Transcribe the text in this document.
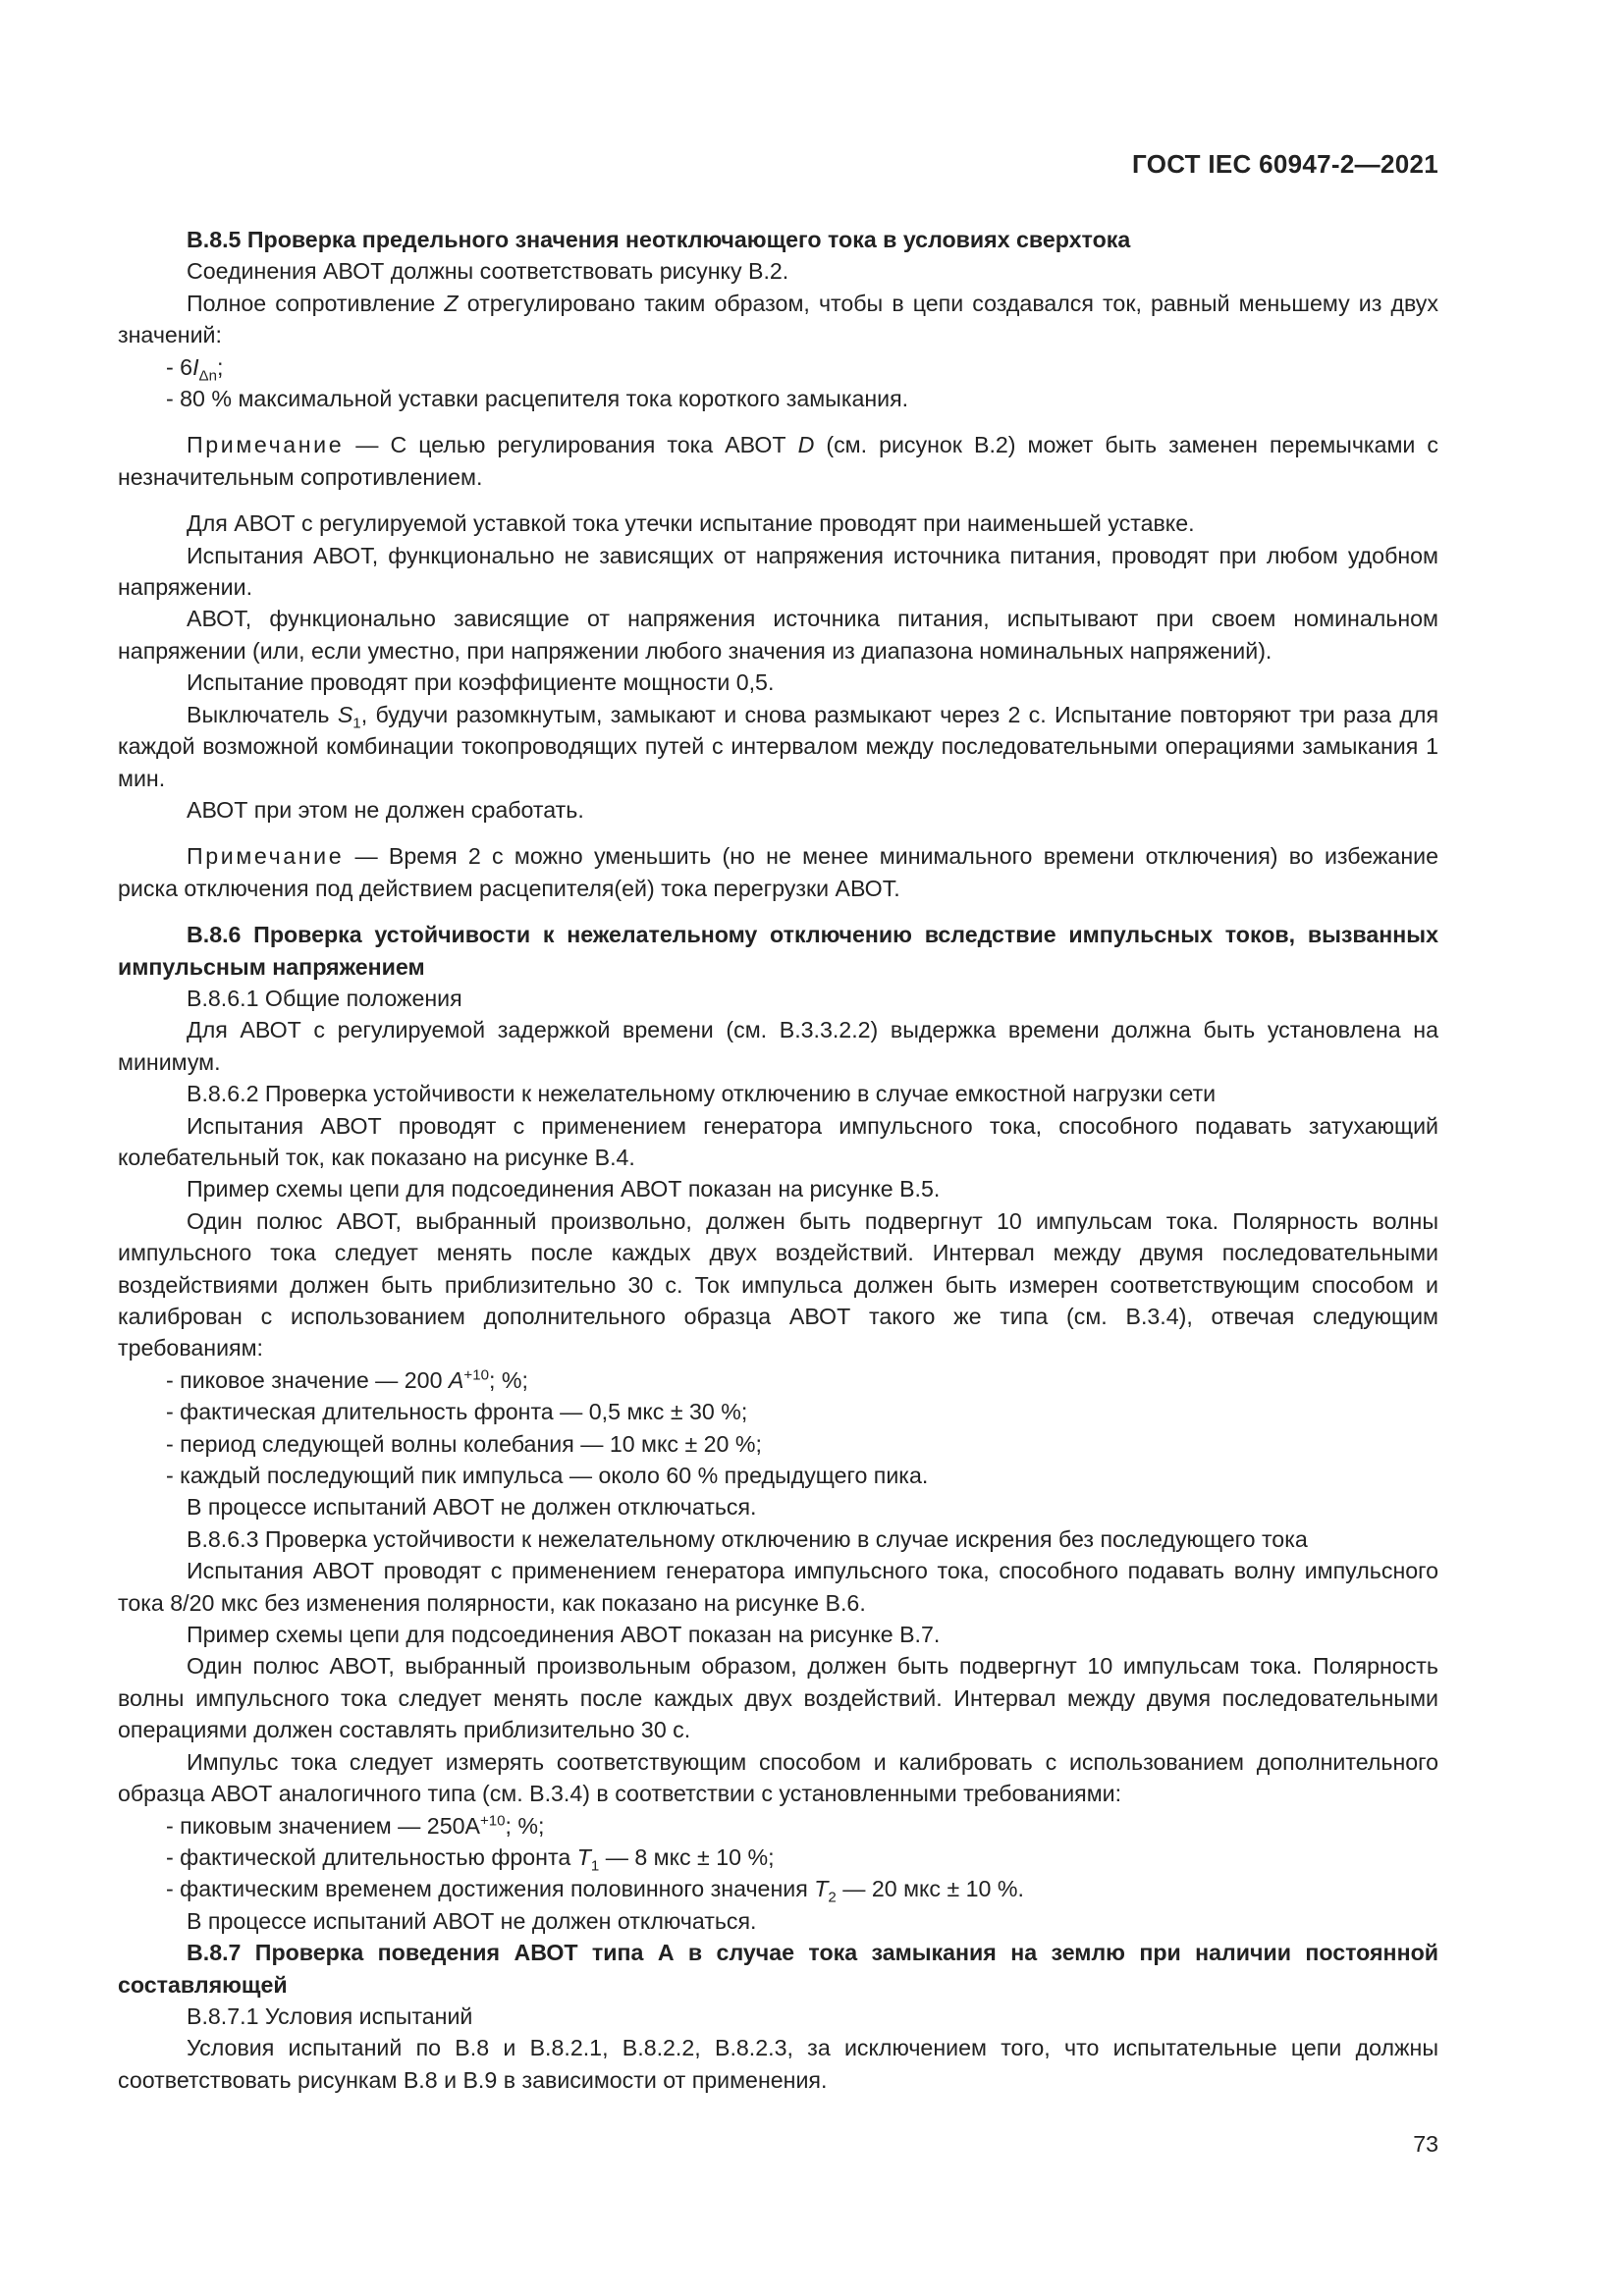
ГОСТ IEC 60947-2—2021

B.8.5 Проверка предельного значения неотключающего тока в условиях сверхтока

Соединения АВОТ должны соответствовать рисунку В.2.

Полное сопротивление Z отрегулировано таким образом, чтобы в цепи создавался ток, равный меньшему из двух значений:

- $6I_{\Delta n}$;

- 80 % максимальной уставки расцепителя тока короткого замыкания.

Примечание — С целью регулирования тока АВОТ D (см. рисунок В.2) может быть заменен перемычками с незначительным сопротивлением.

Для АВОТ с регулируемой уставкой тока утечки испытание проводят при наименьшей уставке.

Испытания АВОТ, функционально не зависящих от напряжения источника питания, проводят при любом удобном напряжении.

АВОТ, функционально зависящие от напряжения источника питания, испытывают при своем номинальном напряжении (или, если уместно, при напряжении любого значения из диапазона номинальных напряжений).

Испытание проводят при коэффициенте мощности 0,5.

Выключатель $S_1$, будучи разомкнутым, замыкают и снова размыкают через 2 с. Испытание повторяют три раза для каждой возможной комбинации токопроводящих путей с интервалом между последовательными операциями замыкания 1 мин.

АВОТ при этом не должен сработать.

Примечание — Время 2 с можно уменьшить (но не менее минимального времени отключения) во избежание риска отключения под действием расцепителя(ей) тока перегрузки АВОТ.

B.8.6 Проверка устойчивости к нежелательному отключению вследствие импульсных токов, вызванных импульсным напряжением

B.8.6.1 Общие положения

Для АВОТ с регулируемой задержкой времени (см. В.3.3.2.2) выдержка времени должна быть установлена на минимум.

B.8.6.2 Проверка устойчивости к нежелательному отключению в случае емкостной нагрузки сети

Испытания АВОТ проводят с применением генератора импульсного тока, способного подавать затухающий колебательный ток, как показано на рисунке В.4.

Пример схемы цепи для подсоединения АВОТ показан на рисунке В.5.

Один полюс АВОТ, выбранный произвольно, должен быть подвергнут 10 импульсам тока. Полярность волны импульсного тока следует менять после каждых двух воздействий. Интервал между двумя последовательными воздействиями должен быть приблизительно 30 с. Ток импульса должен быть измерен соответствующим способом и калиброван с использованием дополнительного образца АВОТ такого же типа (см. В.3.4), отвечая следующим требованиям:

- пиковое значение — 200 $A^{+10}$; %;

- фактическая длительность фронта — 0,5 мкс ± 30 %;

- период следующей волны колебания — 10 мкс ± 20 %;

- каждый последующий пик импульса — около 60 % предыдущего пика.

В процессе испытаний АВОТ не должен отключаться.

B.8.6.3 Проверка устойчивости к нежелательному отключению в случае искрения без последующего тока

Испытания АВОТ проводят с применением генератора импульсного тока, способного подавать волну импульсного тока 8/20 мкс без изменения полярности, как показано на рисунке В.6.

Пример схемы цепи для подсоединения АВОТ показан на рисунке В.7.

Один полюс АВОТ, выбранный произвольным образом, должен быть подвергнут 10 импульсам тока. Полярность волны импульсного тока следует менять после каждых двух воздействий. Интервал между двумя последовательными операциями должен составлять приблизительно 30 с.

Импульс тока следует измерять соответствующим способом и калибровать с использованием дополнительного образца АВОТ аналогичного типа (см. В.3.4) в соответствии с установленными требованиями:

- пиковым значением — $250А^{+10}$; %;

- фактической длительностью фронта $T_1$ — 8 мкс ± 10 %;

- фактическим временем достижения половинного значения $T_2$ — 20 мкс ± 10 %.

В процессе испытаний АВОТ не должен отключаться.

B.8.7 Проверка поведения АВОТ типа А в случае тока замыкания на землю при наличии постоянной составляющей

B.8.7.1 Условия испытаний

Условия испытаний по В.8 и В.8.2.1, В.8.2.2, В.8.2.3, за исключением того, что испытательные цепи должны соответствовать рисункам В.8 и В.9 в зависимости от применения.

73
